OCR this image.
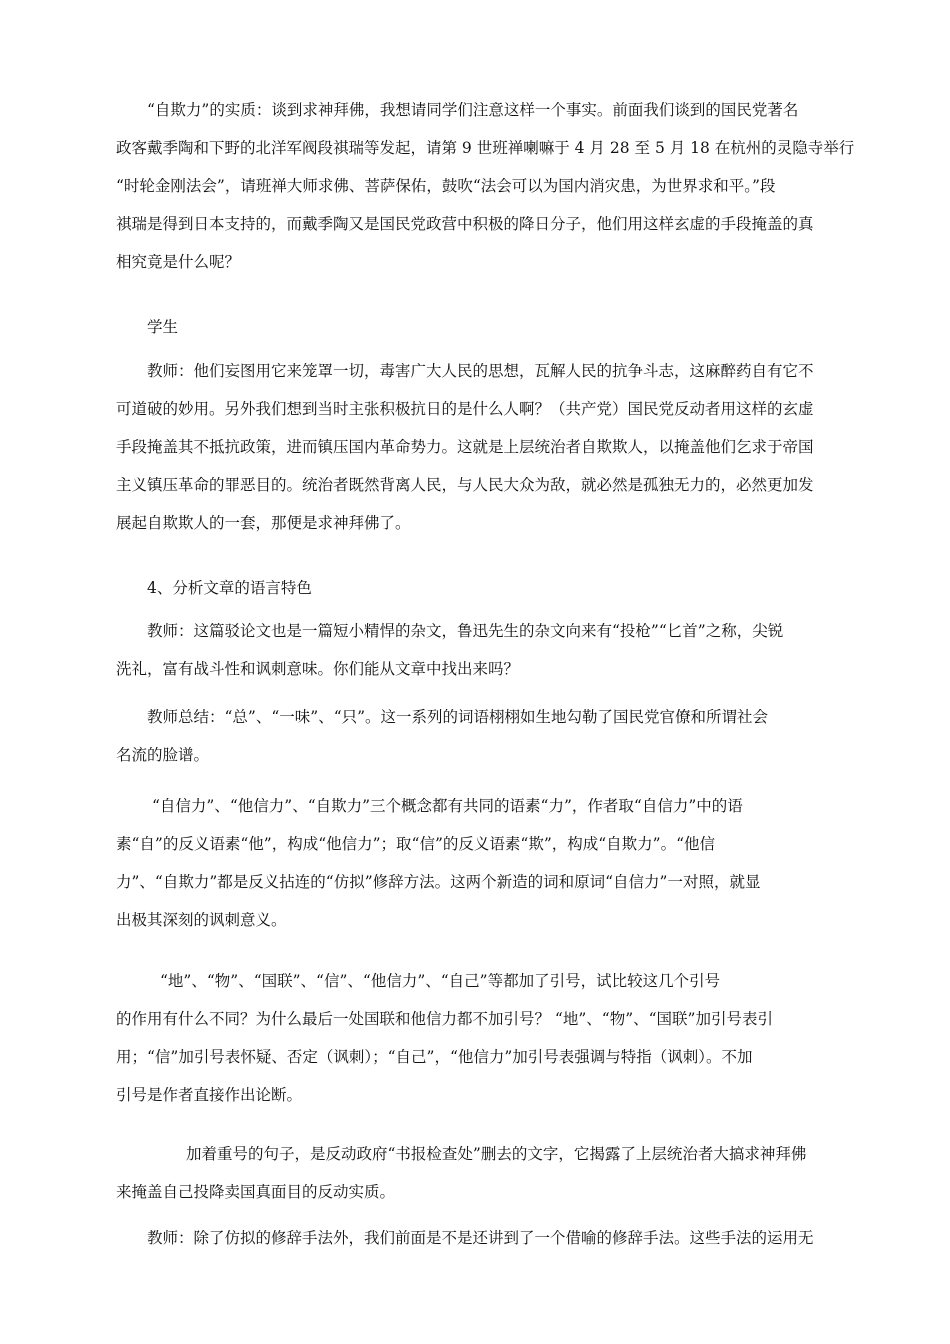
“自欺力”的实质：谈到求神拜佛，我想请同学们注意这样一个事实。前面我们谈到的国民党著名
政客戴季陶和下野的北洋军阀段祺瑞等发起，请第 9 世班禅喇嘛于 4 月 28 至 5 月 18 在杭州的灵隐寺举行
“时轮金刚法会”，请班禅大师求佛、菩萨保佑，鼓吹“法会可以为国内消灾患，为世界求和平。”段
祺瑞是得到日本支持的，而戴季陶又是国民党政营中积极的降日分子，他们用这样玄虚的手段掩盖的真
相究竟是什么呢？
学生
教师：他们妄图用它来笼罩一切，毒害广大人民的思想，瓦解人民的抗争斗志，这麻醉药自有它不
可道破的妙用。另外我们想到当时主张积极抗日的是什么人啊？（共产党）国民党反动者用这样的玄虚
手段掩盖其不抵抗政策，进而镇压国内革命势力。这就是上层统治者自欺欺人，以掩盖他们乞求于帝国
主义镇压革命的罪恶目的。统治者既然背离人民，与人民大众为敌，就必然是孤独无力的，必然更加发
展起自欺欺人的一套，那便是求神拜佛了。
4、分析文章的语言特色
教师：这篇驳论文也是一篇短小精悍的杂文，鲁迅先生的杂文向来有“投枪”“匕首”之称，尖锐
洗礼，富有战斗性和讽刺意味。你们能从文章中找出来吗？
教师总结：“总”、“一味”、“只”。这一系列的词语栩栩如生地勾勒了国民党官僚和所谓社会
名流的脸谱。
“自信力”、“他信力”、“自欺力”三个概念都有共同的语素“力”，作者取“自信力”中的语
素“自”的反义语素“他”，构成“他信力”；取“信”的反义语素“欺”，构成“自欺力”。“他信
力”、“自欺力”都是反义拈连的“仿拟”修辞方法。这两个新造的词和原词“自信力”一对照，就显
出极其深刻的讽刺意义。
“地”、“物”、“国联”、“信”、“他信力”、“自己”等都加了引号，试比较这几个引号
的作用有什么不同？为什么最后一处国联和他信力都不加引号？ “地”、“物”、“国联”加引号表引
用；“信”加引号表怀疑、否定（讽刺）；“自己”，“他信力”加引号表强调与特指（讽刺）。不加
引号是作者直接作出论断。
加着重号的句子，是反动政府“书报检查处”删去的文字，它揭露了上层统治者大搞求神拜佛
来掩盖自己投降卖国真面目的反动实质。
教师：除了仿拟的修辞手法外，我们前面是不是还讲到了一个借喻的修辞手法。这些手法的运用无
